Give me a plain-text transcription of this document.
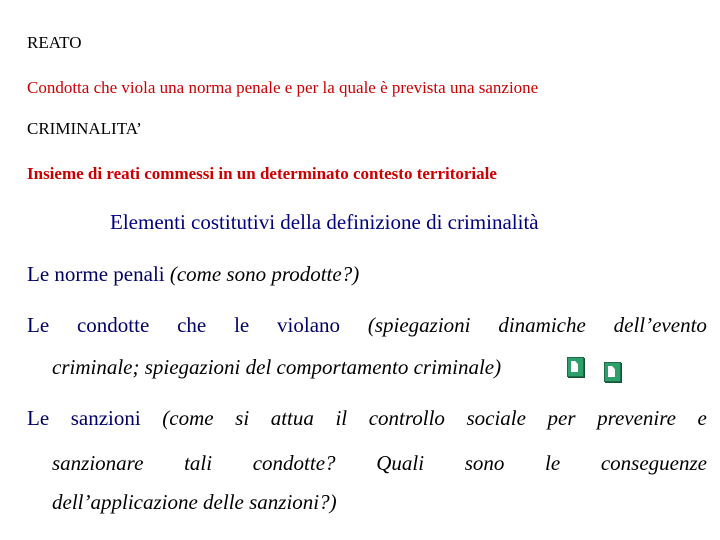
REATO
Condotta che viola una norma penale e per la quale è prevista una sanzione
CRIMINALITA’
Insieme di reati commessi in un determinato contesto territoriale
Elementi costitutivi della definizione di criminalità
Le norme penali (come sono prodotte?)
Le condotte che le violano (spiegazioni dinamiche dell’evento
criminale; spiegazioni del comportamento criminale)
Le sanzioni (come si attua il controllo sociale per prevenire e
sanzionare tali condotte? Quali sono le conseguenze
dell’applicazione delle sanzioni?)
